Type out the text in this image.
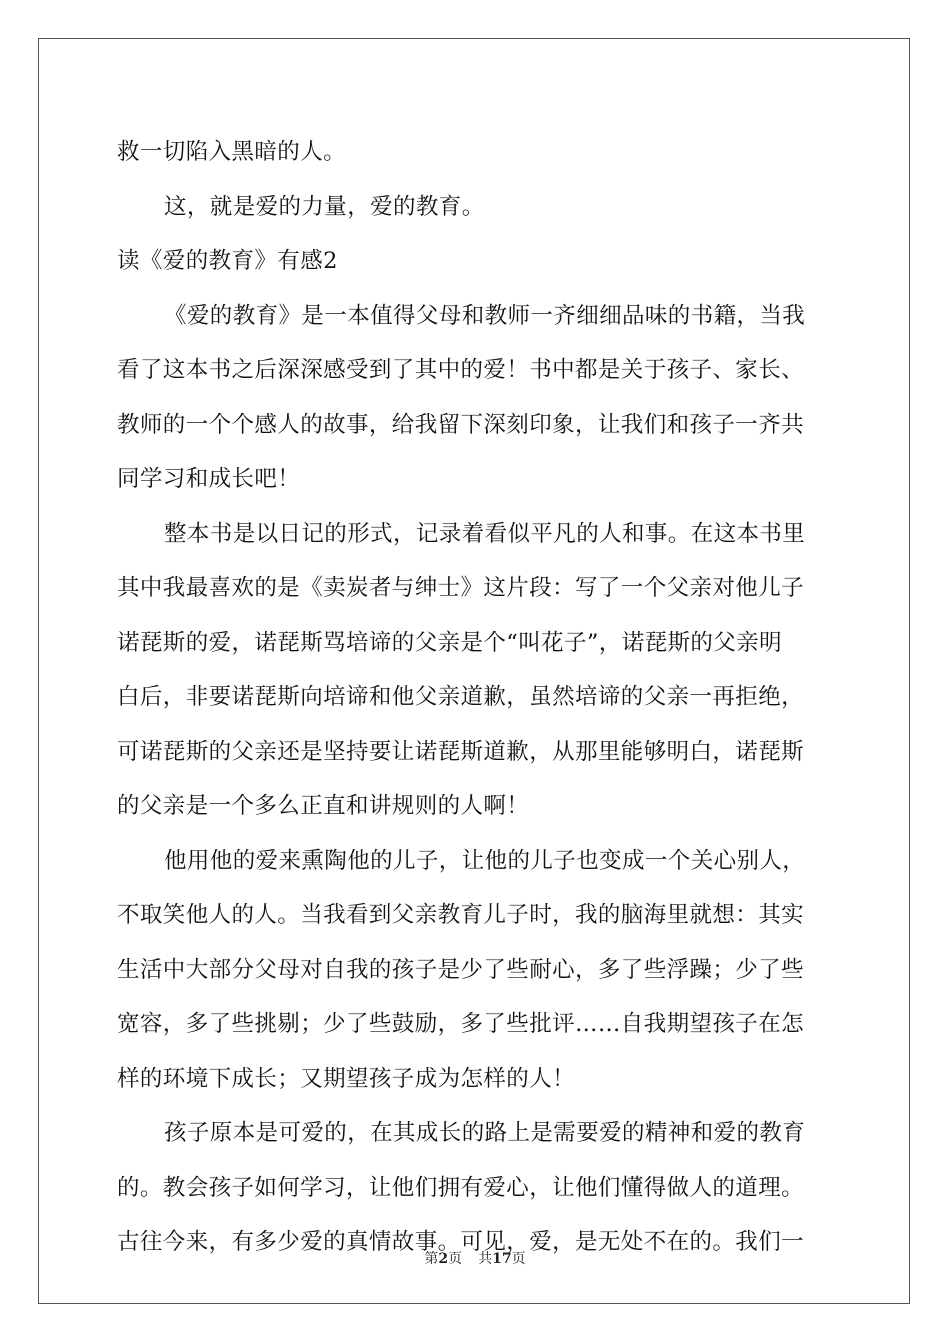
救一切陷入黑暗的人。
这，就是爱的力量，爱的教育。
读《爱的教育》有感2
《爱的教育》是一本值得父母和教师一齐细细品味的书籍，当我
看了这本书之后深深感受到了其中的爱！书中都是关于孩子、家长、
教师的一个个感人的故事，给我留下深刻印象，让我们和孩子一齐共
同学习和成长吧！
整本书是以日记的形式，记录着看似平凡的人和事。在这本书里
其中我最喜欢的是《卖炭者与绅士》这片段：写了一个父亲对他儿子
诺琵斯的爱，诺琵斯骂培谛的父亲是个“叫花子”，诺琵斯的父亲明
白后，非要诺琵斯向培谛和他父亲道歉，虽然培谛的父亲一再拒绝，
可诺琵斯的父亲还是坚持要让诺琵斯道歉，从那里能够明白，诺琵斯
的父亲是一个多么正直和讲规则的人啊！
他用他的爱来熏陶他的儿子，让他的儿子也变成一个关心别人，
不取笑他人的人。当我看到父亲教育儿子时，我的脑海里就想：其实
生活中大部分父母对自我的孩子是少了些耐心，多了些浮躁；少了些
宽容，多了些挑剔；少了些鼓励，多了些批评……自我期望孩子在怎
样的环境下成长；又期望孩子成为怎样的人！
孩子原本是可爱的，在其成长的路上是需要爱的精神和爱的教育
的。教会孩子如何学习，让他们拥有爱心，让他们懂得做人的道理。
古往今来，有多少爱的真情故事。可见，爱，是无处不在的。我们一
第2页 共17页
